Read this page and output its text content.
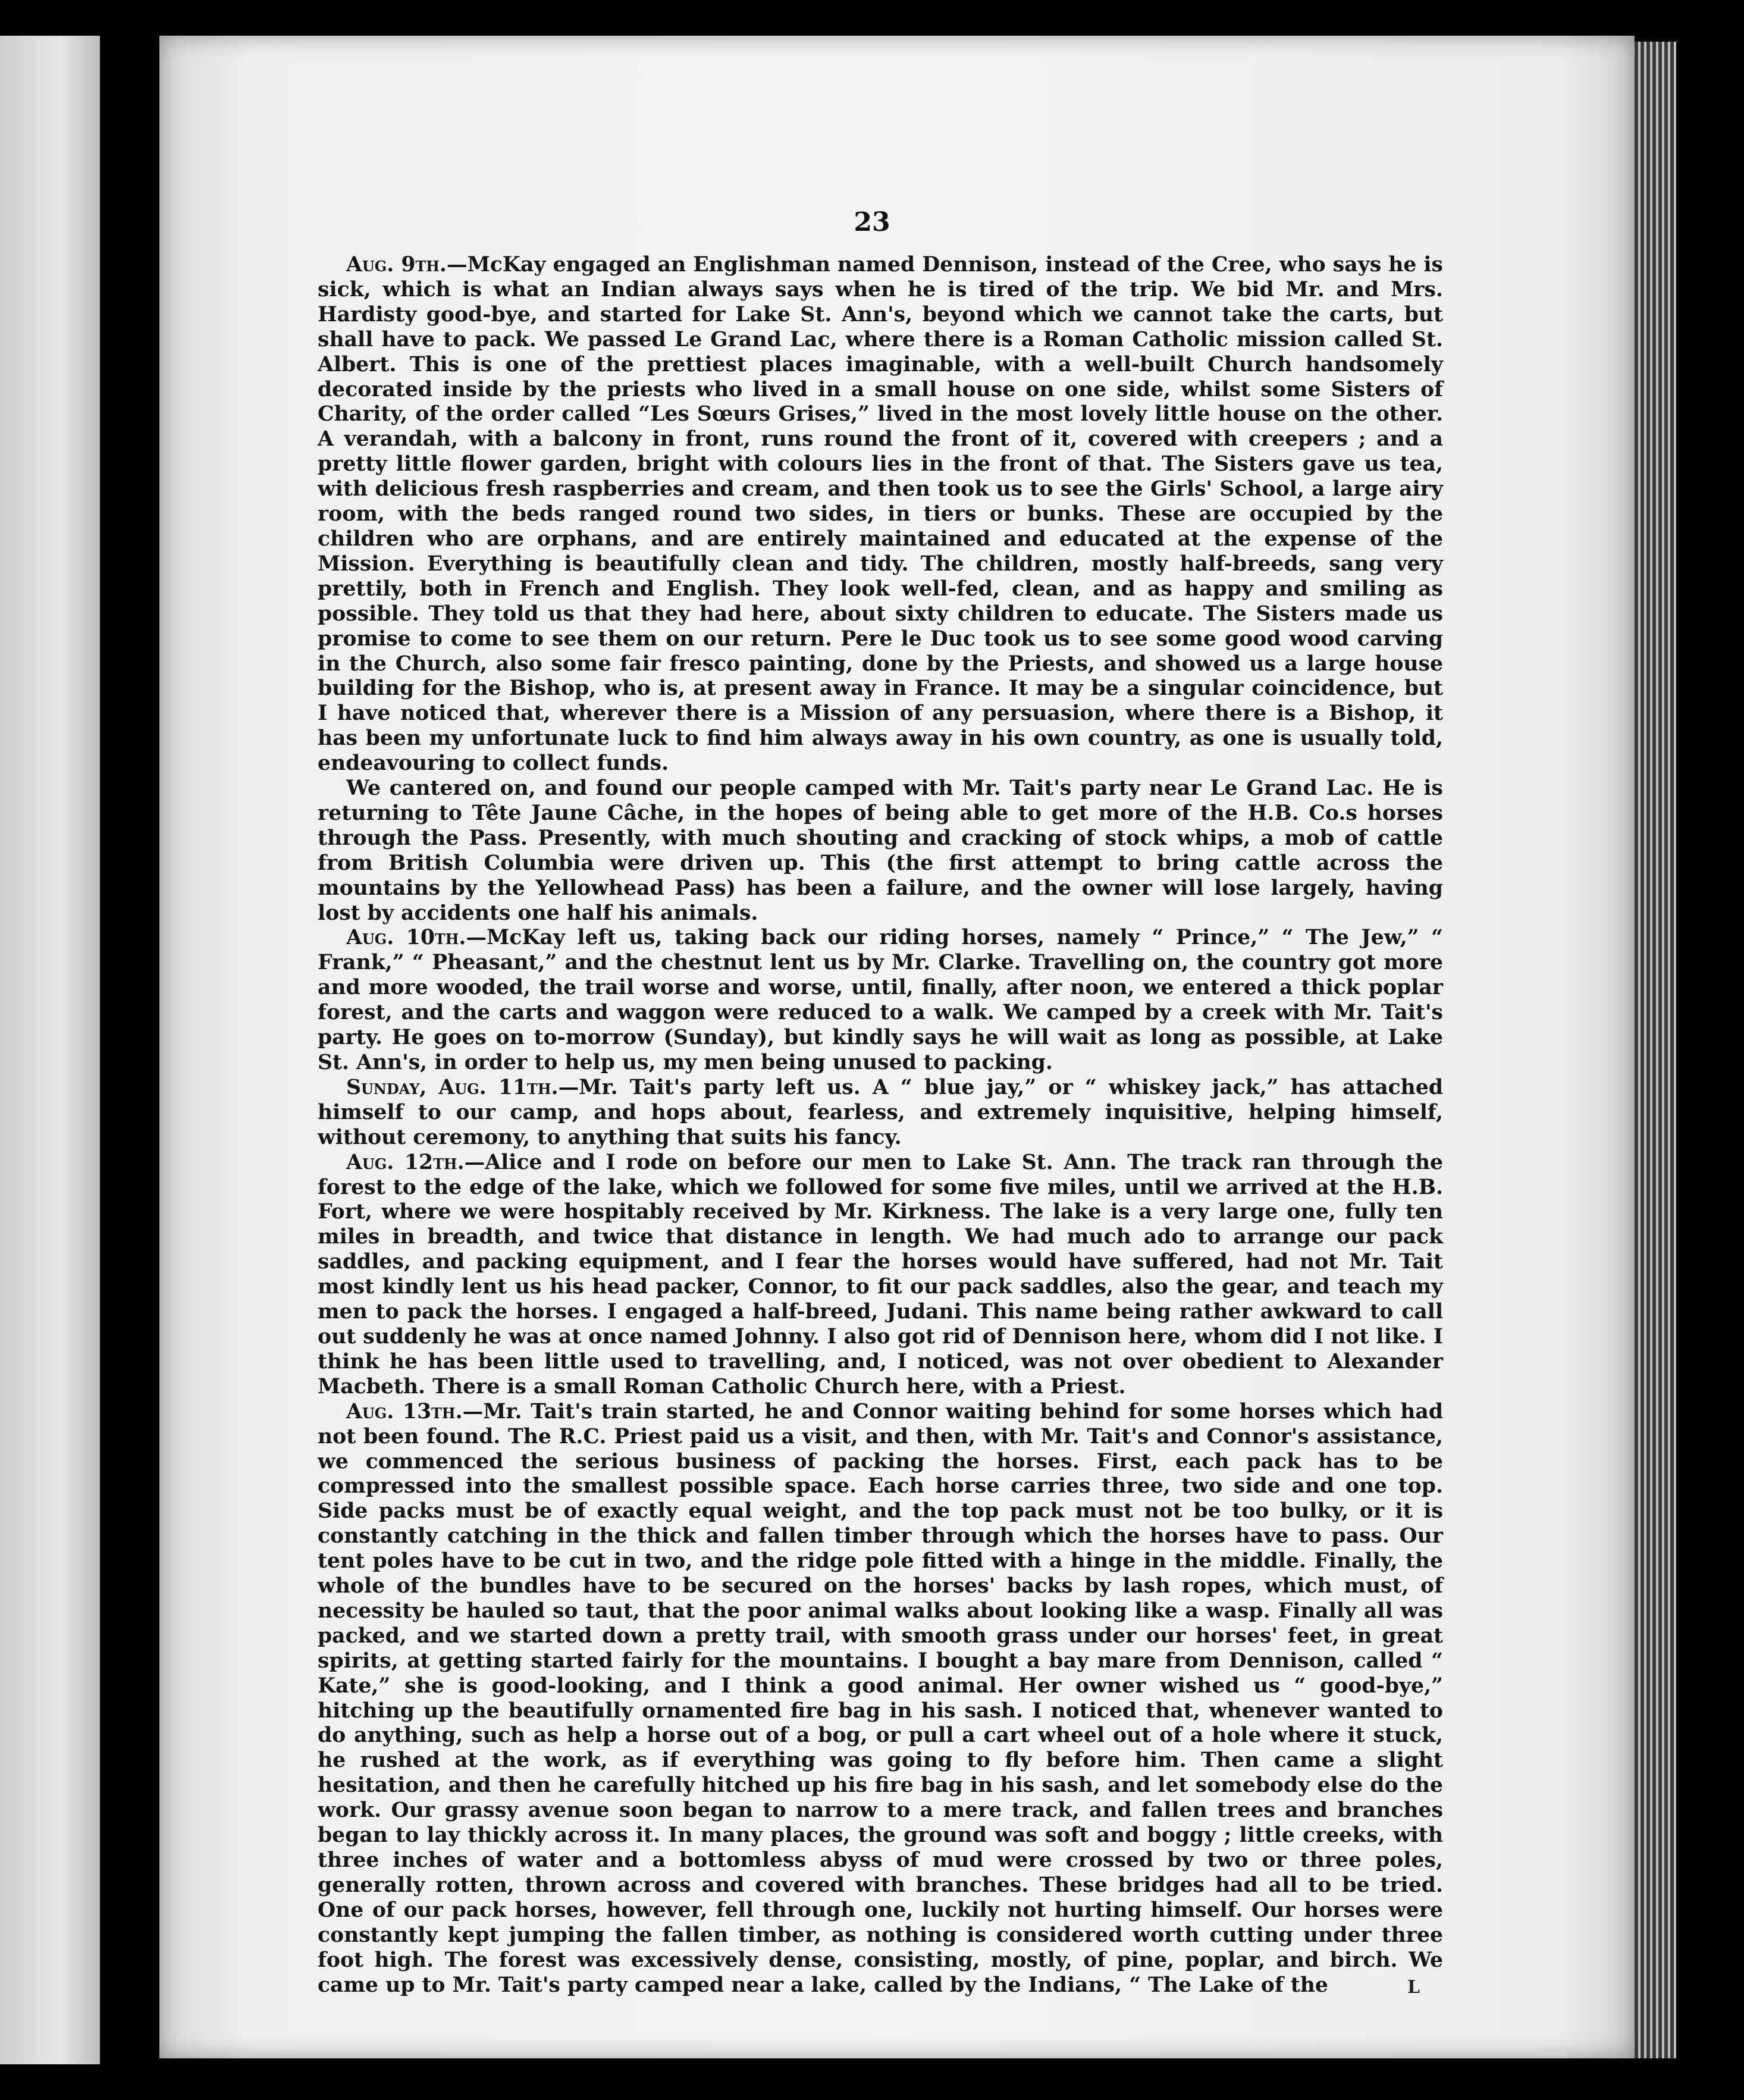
23

Aug. 9th.—McKay engaged an Englishman named Dennison, instead of the Cree, who says he is sick, which is what an Indian always says when he is tired of the trip. We bid Mr. and Mrs. Hardisty good-bye, and started for Lake St. Ann's, beyond which we cannot take the carts, but shall have to pack. We passed Le Grand Lac, where there is a Roman Catholic mission called St. Albert. This is one of the prettiest places imaginable, with a well-built Church handsomely decorated inside by the priests who lived in a small house on one side, whilst some Sisters of Charity, of the order called “Les Sœurs Grises,” lived in the most lovely little house on the other. A verandah, with a balcony in front, runs round the front of it, covered with creepers ; and a pretty little flower garden, bright with colours lies in the front of that. The Sisters gave us tea, with delicious fresh raspberries and cream, and then took us to see the Girls' School, a large airy room, with the beds ranged round two sides, in tiers or bunks. These are occupied by the children who are orphans, and are entirely maintained and educated at the expense of the Mission. Everything is beautifully clean and tidy. The children, mostly half-breeds, sang very prettily, both in French and English. They look well-fed, clean, and as happy and smiling as possible. They told us that they had here, about sixty children to educate. The Sisters made us promise to come to see them on our return. Pere le Duc took us to see some good wood carving in the Church, also some fair fresco painting, done by the Priests, and showed us a large house building for the Bishop, who is, at present away in France. It may be a singular coincidence, but I have noticed that, wherever there is a Mission of any persuasion, where there is a Bishop, it has been my unfortunate luck to find him always away in his own country, as one is usually told, endeavouring to collect funds.

We cantered on, and found our people camped with Mr. Tait's party near Le Grand Lac. He is returning to Tête Jaune Câche, in the hopes of being able to get more of the H.B. Co.s horses through the Pass. Presently, with much shouting and cracking of stock whips, a mob of cattle from British Columbia were driven up. This (the first attempt to bring cattle across the mountains by the Yellowhead Pass) has been a failure, and the owner will lose largely, having lost by accidents one half his animals.

Aug. 10th.—McKay left us, taking back our riding horses, namely “ Prince,” “ The Jew,” “ Frank,” “ Pheasant,” and the chestnut lent us by Mr. Clarke. Travelling on, the country got more and more wooded, the trail worse and worse, until, finally, after noon, we entered a thick poplar forest, and the carts and waggon were reduced to a walk. We camped by a creek with Mr. Tait's party. He goes on to-morrow (Sunday), but kindly says he will wait as long as possible, at Lake St. Ann's, in order to help us, my men being unused to packing.

Sunday, Aug. 11th.—Mr. Tait's party left us. A “ blue jay,” or “ whiskey jack,” has attached himself to our camp, and hops about, fearless, and extremely inquisitive, helping himself, without ceremony, to anything that suits his fancy.

Aug. 12th.—Alice and I rode on before our men to Lake St. Ann. The track ran through the forest to the edge of the lake, which we followed for some five miles, until we arrived at the H.B. Fort, where we were hospitably received by Mr. Kirkness. The lake is a very large one, fully ten miles in breadth, and twice that distance in length. We had much ado to arrange our pack saddles, and packing equipment, and I fear the horses would have suffered, had not Mr. Tait most kindly lent us his head packer, Connor, to fit our pack saddles, also the gear, and teach my men to pack the horses. I engaged a half-breed, Judani. This name being rather awkward to call out suddenly he was at once named Johnny. I also got rid of Dennison here, whom did I not like. I think he has been little used to travelling, and, I noticed, was not over obedient to Alexander Macbeth. There is a small Roman Catholic Church here, with a Priest.

Aug. 13th.—Mr. Tait's train started, he and Connor waiting behind for some horses which had not been found. The R.C. Priest paid us a visit, and then, with Mr. Tait's and Connor's assistance, we commenced the serious business of packing the horses. First, each pack has to be compressed into the smallest possible space. Each horse carries three, two side and one top. Side packs must be of exactly equal weight, and the top pack must not be too bulky, or it is constantly catching in the thick and fallen timber through which the horses have to pass. Our tent poles have to be cut in two, and the ridge pole fitted with a hinge in the middle. Finally, the whole of the bundles have to be secured on the horses' backs by lash ropes, which must, of necessity be hauled so taut, that the poor animal walks about looking like a wasp. Finally all was packed, and we started down a pretty trail, with smooth grass under our horses' feet, in great spirits, at getting started fairly for the mountains. I bought a bay mare from Dennison, called “ Kate,” she is good-looking, and I think a good animal. Her owner wished us “ good-bye,” hitching up the beautifully ornamented fire bag in his sash. I noticed that, whenever wanted to do anything, such as help a horse out of a bog, or pull a cart wheel out of a hole where it stuck, he rushed at the work, as if everything was going to fly before him. Then came a slight hesitation, and then he carefully hitched up his fire bag in his sash, and let somebody else do the work. Our grassy avenue soon began to narrow to a mere track, and fallen trees and branches began to lay thickly across it. In many places, the ground was soft and boggy ; little creeks, with three inches of water and a bottomless abyss of mud were crossed by two or three poles, generally rotten, thrown across and covered with branches. These bridges had all to be tried. One of our pack horses, however, fell through one, luckily not hurting himself. Our horses were constantly kept jumping the fallen timber, as nothing is considered worth cutting under three foot high. The forest was excessively dense, consisting, mostly, of pine, poplar, and birch. We came up to Mr. Tait's party camped near a lake, called by the Indians, “ The Lake of the	L
